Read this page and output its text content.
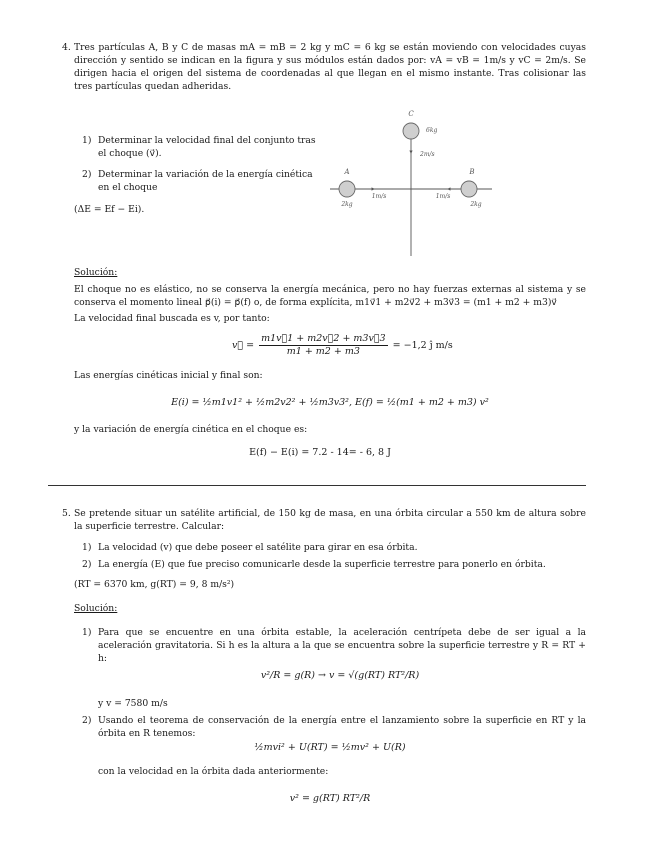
4. Tres partículas A, B y C de masas mA = mB = 2 kg y mC = 6 kg se están moviendo con velocidades cuyas dirección y sentido se indican en la figura y sus módulos están dados por: vA = vB = 1m/s y vC = 2m/s. Se dirigen hacia el origen del sistema de coordenadas al que llegan en el mismo instante. Tras colisionar las tres partículas quedan adheridas.
1) Determinar la velocidad final del conjunto tras el choque (v⃗).
2) Determinar la variación de la energía cinética en el choque
(ΔE = Ef − Ei).
C
6kg
2m/s
A
2kg
1m/s
B
2kg
1m/s
Solución:
El choque no es elástico, no se conserva la energía mecánica, pero no hay fuerzas externas al sistema y se conserva el momento lineal p⃗(i) = p⃗(f) o, de forma explícita, m1v⃗1 + m2v⃗2 + m3v⃗3 = (m1 + m2 + m3)v⃗
La velocidad final buscada es v, por tanto:
v⃗ = $\frac{m1v⃗1 + m2v⃗2 + m3v⃗3}{m1 + m2 + m3} = -1,2$ ĵ m/s
Las energías cinéticas inicial y final son:
E(i) = ½m1v1² + ½m2v2² + ½m3v3², E(f) = ½(m1 + m2 + m3) v²
y la variación de energía cinética en el choque es:
E(f) − E(i) = 7.2 - 14= - 6, 8 J
5. Se pretende situar un satélite artificial, de 150 kg de masa, en una órbita circular a 550 km de altura sobre la superficie terrestre. Calcular:
1) La velocidad (v) que debe poseer el satélite para girar en esa órbita.
2) La energía (E) que fue preciso comunicarle desde la superficie terrestre para ponerlo en órbita.
(RT = 6370 km, g(RT) = 9, 8 m/s²)
Solución:
1) Para que se encuentre en una órbita estable, la aceleración centrípeta debe de ser igual a la aceleración gravitatoria. Si h es la altura a la que se encuentra sobre la superficie terrestre y R = RT + h:
v²/R = g(R) → v = √(g(RT) RT²/R)
y v = 7580 m/s
2) Usando el teorema de conservación de la energía entre el lanzamiento sobre la superficie en RT y la órbita en R tenemos:
½mvi² + U(RT) = ½mv² + U(R)
con la velocidad en la órbita dada anteriormente:
v² = g(RT) RT²/R
